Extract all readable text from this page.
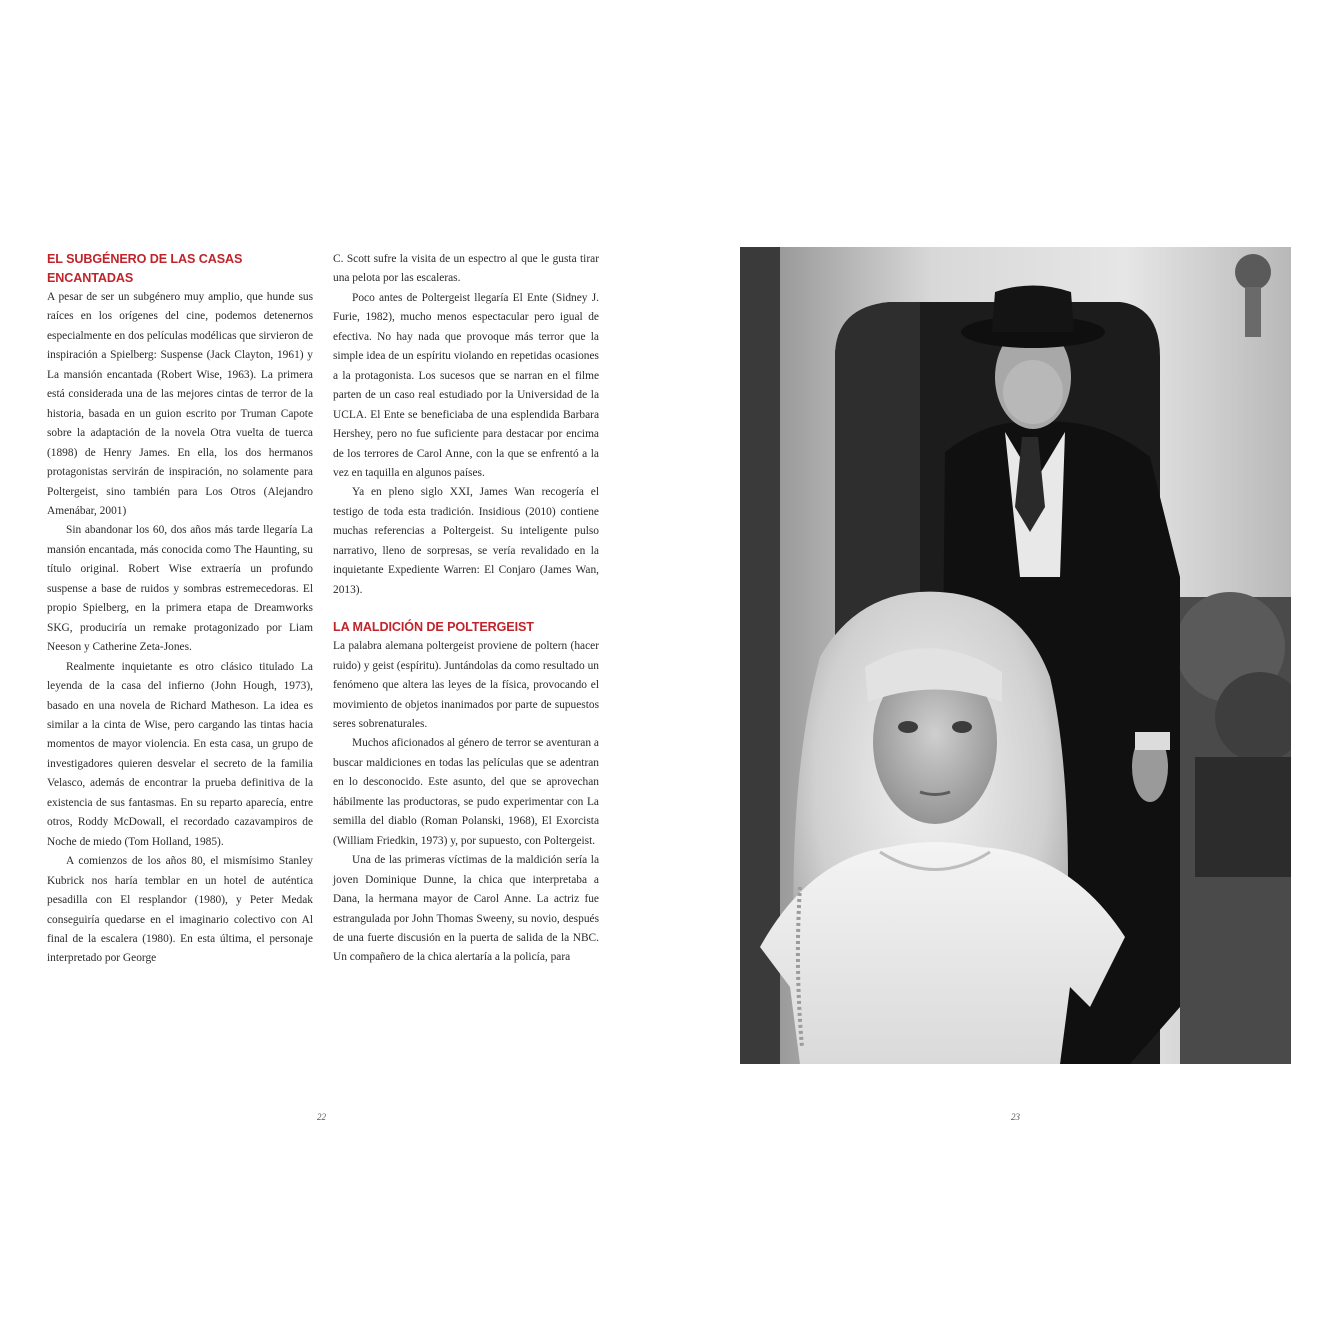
EL SUBGÉNERO DE LAS CASAS ENCANTADAS

A pesar de ser un subgénero muy amplio, que hunde sus raíces en los orígenes del cine, podemos detenernos especialmente en dos películas modélicas que sirvieron de inspiración a Spielberg: Suspense (Jack Clayton, 1961) y La mansión encantada (Robert Wise, 1963). La primera está considerada una de las mejores cintas de terror de la historia, basada en un guion escrito por Truman Capote sobre la adaptación de la novela Otra vuelta de tuerca (1898) de Henry James. En ella, los dos hermanos protagonistas servirán de inspiración, no solamente para Poltergeist, sino también para Los Otros (Alejandro Amenábar, 2001)

Sin abandonar los 60, dos años más tarde llegaría La mansión encantada, más conocida como The Haunting, su título original. Robert Wise extraería un profundo suspense a base de ruidos y sombras estremecedoras. El propio Spielberg, en la primera etapa de Dreamworks SKG, produciría un remake protagonizado por Liam Neeson y Catherine Zeta-Jones.

Realmente inquietante es otro clásico titulado La leyenda de la casa del infierno (John Hough, 1973), basado en una novela de Richard Matheson. La idea es similar a la cinta de Wise, pero cargando las tintas hacia momentos de mayor violencia. En esta casa, un grupo de investigadores quieren desvelar el secreto de la familia Velasco, además de encontrar la prueba definitiva de la existencia de sus fantasmas. En su reparto aparecía, entre otros, Roddy McDowall, el recordado cazavampiros de Noche de miedo (Tom Holland, 1985).

A comienzos de los años 80, el mismísimo Stanley Kubrick nos haría temblar en un hotel de auténtica pesadilla con El resplandor (1980), y Peter Medak conseguiría quedarse en el imaginario colectivo con Al final de la escalera (1980). En esta última, el personaje interpretado por George

C. Scott sufre la visita de un espectro al que le gusta tirar una pelota por las escaleras.

Poco antes de Poltergeist llegaría El Ente (Sidney J. Furie, 1982), mucho menos espectacular pero igual de efectiva. No hay nada que provoque más terror que la simple idea de un espíritu violando en repetidas ocasiones a la protagonista. Los sucesos que se narran en el filme parten de un caso real estudiado por la Universidad de la UCLA. El Ente se beneficiaba de una esplendida Barbara Hershey, pero no fue suficiente para destacar por encima de los terrores de Carol Anne, con la que se enfrentó a la vez en taquilla en algunos países.

Ya en pleno siglo XXI, James Wan recogería el testigo de toda esta tradición. Insidious (2010) contiene muchas referencias a Poltergeist. Su inteligente pulso narrativo, lleno de sorpresas, se vería revalidado en la inquietante Expediente Warren: El Conjaro (James Wan, 2013).

LA MALDICIÓN DE POLTERGEIST

La palabra alemana poltergeist proviene de poltern (hacer ruido) y geist (espíritu). Juntándolas da como resultado un fenómeno que altera las leyes de la física, provocando el movimiento de objetos inanimados por parte de supuestos seres sobrenaturales.

Muchos aficionados al género de terror se aventuran a buscar maldiciones en todas las películas que se adentran en lo desconocido. Este asunto, del que se aprovechan hábilmente las productoras, se pudo experimentar con La semilla del diablo (Roman Polanski, 1968), El Exorcista (William Friedkin, 1973) y, por supuesto, con Poltergeist.

Una de las primeras víctimas de la maldición sería la joven Dominique Dunne, la chica que interpretaba a Dana, la hermana mayor de Carol Anne. La actriz fue estrangulada por John Thomas Sweeny, su novio, después de una fuerte discusión en la puerta de salida de la NBC. Un compañero de la chica alertaría a la policía, para

22	23
